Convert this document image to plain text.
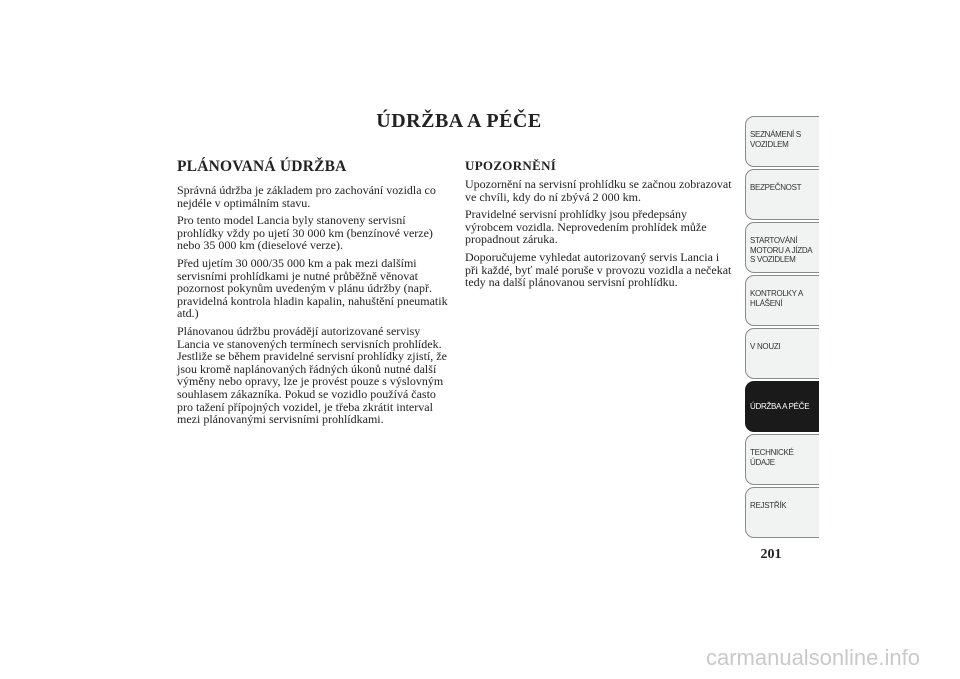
ÚDRŽBA A PÉČE
PLÁNOVANÁ ÚDRŽBA

Správná údržba je základem pro zachování vozidla co nejdéle v optimálním stavu.

Pro tento model Lancia byly stanoveny servisní prohlídky vždy po ujetí 30 000 km (benzínové verze) nebo 35 000 km (dieselové verze).

Před ujetím 30 000/35 000 km a pak mezi dalšími servisními prohlídkami je nutné průběžně věnovat pozornost pokynům uvedeným v plánu údržby (např. pravidelná kontrola hladin kapalin, nahuštění pneumatik atd.)

Plánovanou údržbu provádějí autorizované servisy Lancia ve stanovených termínech servisních prohlídek. Jestliže se během pravidelné servisní prohlídky zjistí, že jsou kromě naplánovaných řádných úkonů nutné další výměny nebo opravy, lze je provést pouze s výslovným souhlasem zákazníka. Pokud se vozidlo používá často pro tažení přípojných vozidel, je třeba zkrátit interval mezi plánovanými servisními prohlídkami.

UPOZORNĚNÍ

Upozornění na servisní prohlídku se začnou zobrazovat ve chvíli, kdy do ní zbývá 2 000 km.

Pravidelné servisní prohlídky jsou předepsány výrobcem vozidla. Neprovedením prohlídek může propadnout záruka.

Doporučujeme vyhledat autorizovaný servis Lancia i při každé, byť malé poruše v provozu vozidla a nečekat tedy na další plánovanou servisní prohlídku.

SEZNÁMENÍ S VOZIDLEM
BEZPEČNOST
STARTOVÁNÍ MOTORU A JÍZDA S VOZIDLEM
KONTROLKY A HLÁŠENÍ
V NOUZI
ÚDRŽBA A PÉČE
TECHNICKÉ ÚDAJE
REJSTŘÍK
201
carmanualsonline.info
